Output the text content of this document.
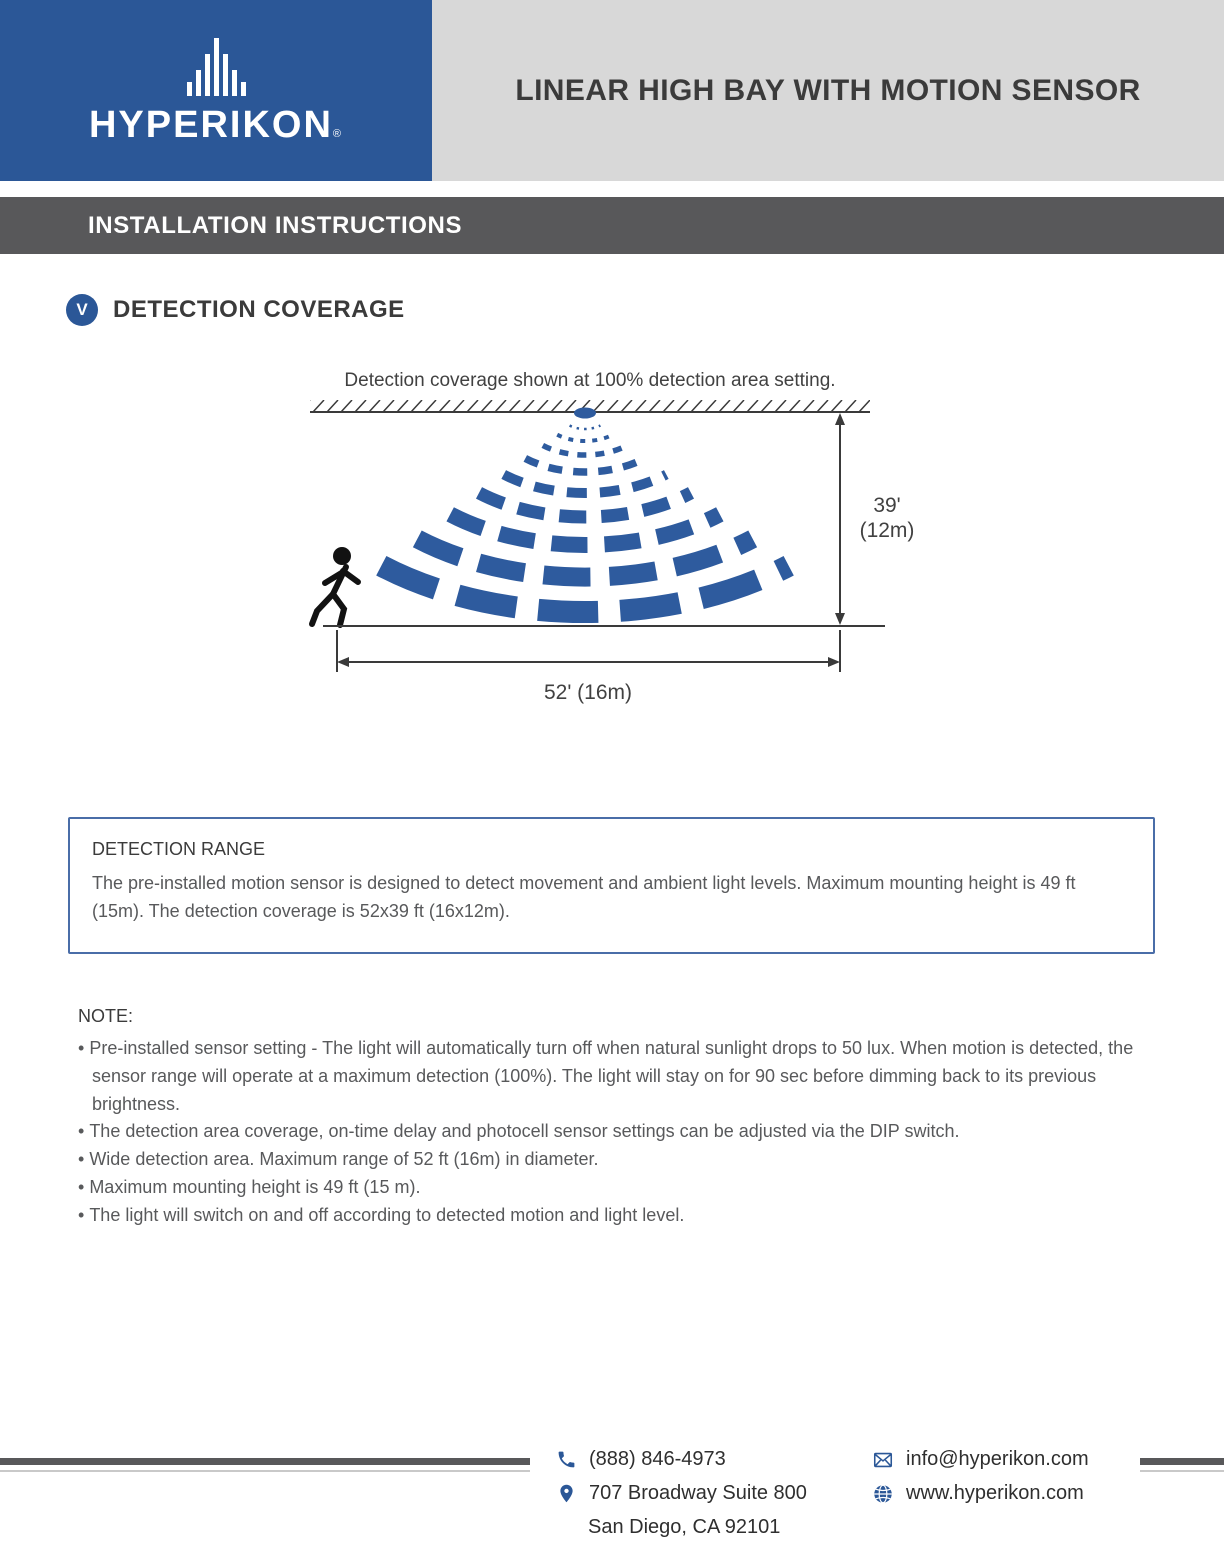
HYPERIKON®
LINEAR HIGH BAY WITH MOTION SENSOR
INSTALLATION INSTRUCTIONS
V	DETECTION COVERAGE
Detection coverage shown at 100% detection area setting.
39'
(12m)
52' (16m)
DETECTION RANGE
The pre-installed motion sensor is designed to detect movement and ambient light levels. Maximum mounting height is 49 ft (15m). The detection coverage is 52x39 ft (16x12m).
NOTE:
• Pre-installed sensor setting - The light will automatically turn off when natural sunlight drops to 50 lux. When motion is detected, the sensor range will operate at a maximum detection (100%). The light will stay on for 90 sec before dimming back to its previous brightness.
• The detection area coverage, on-time delay and photocell sensor settings can be adjusted via the DIP switch.
• Wide detection area. Maximum range of 52 ft (16m) in diameter.
• Maximum mounting height is 49 ft (15 m).
• The light will switch on and off according to detected motion and light level.
(888) 846-4973
707 Broadway Suite 800
San Diego, CA 92101
info@hyperikon.com
www.hyperikon.com
